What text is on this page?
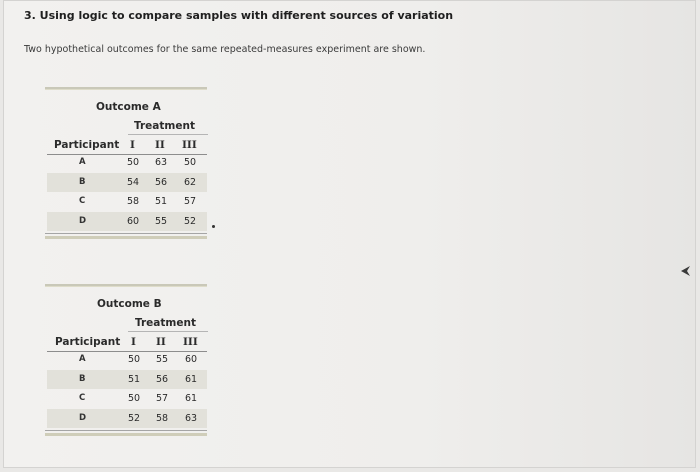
3. Using logic to compare samples with different sources of variation
Two hypothetical outcomes for the same repeated-measures experiment are shown.
Outcome A
Treatment
Participant I II III
A	50 63 50
B	54 56 62
C	58 51 57
D	60 55 52
Outcome B
Treatment
Participant I II III
A	50 55 60
B	51 56 61
C	50 57 61
D	52 58 63
